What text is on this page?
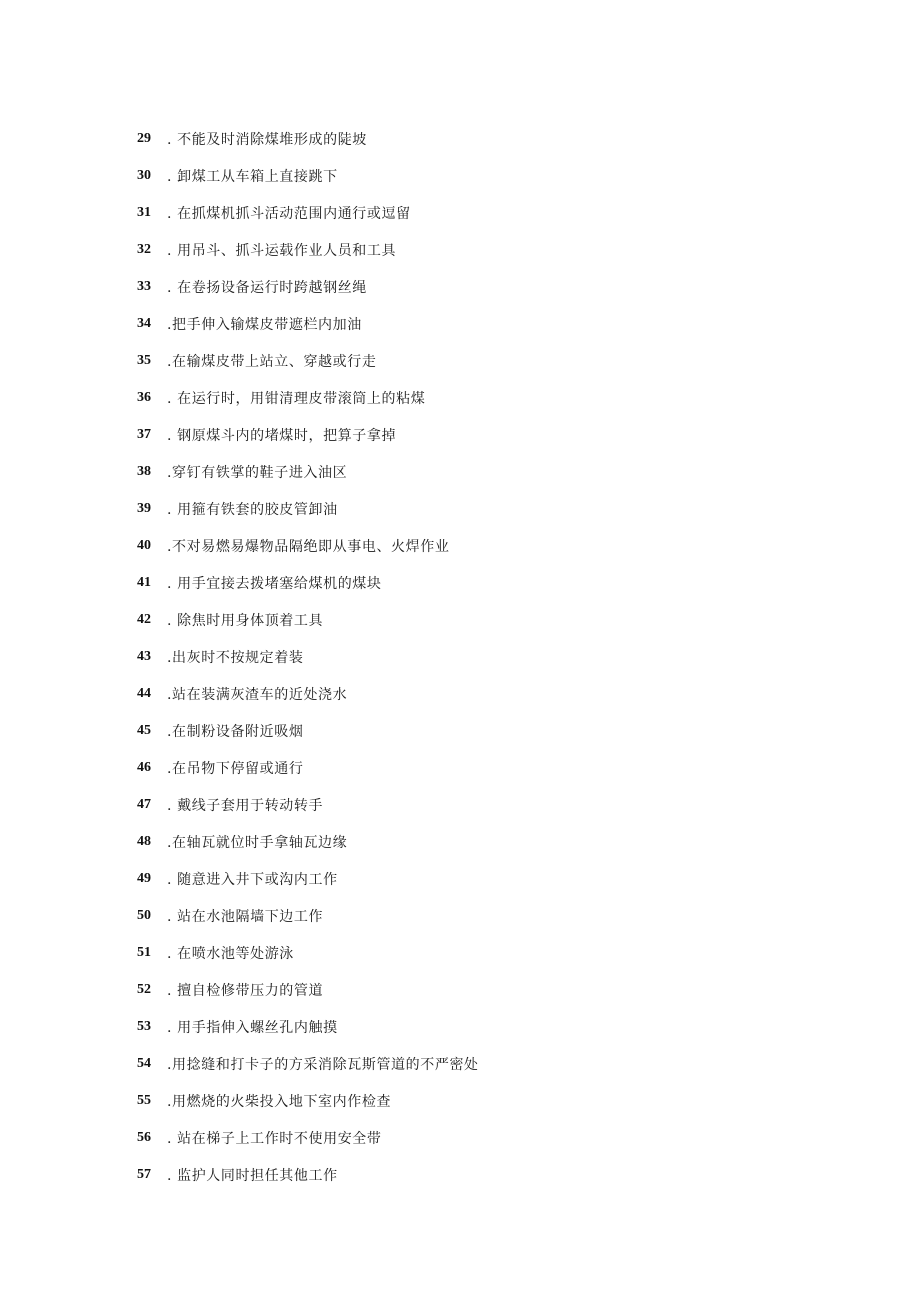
29	. 不能及时消除煤堆形成的陡坡
30	. 卸煤工从车箱上直接跳下
31	. 在抓煤机抓斗活动范围内通行或逗留
32	. 用吊斗、抓斗运载作业人员和工具
33	. 在卷扬设备运行时跨越钢丝绳
34	.把手伸入输煤皮带遮栏内加油
35	.在输煤皮带上站立、穿越或行走
36	. 在运行时，用钳清理皮带滚筒上的粘煤
37	. 钢原煤斗内的堵煤时，把算子拿掉
38	.穿钉有铁掌的鞋子进入油区
39	. 用箍有铁套的胶皮管卸油
40	.不对易燃易爆物品隔绝即从事电、火焊作业
41	. 用手宜接去拨堵塞给煤机的煤块
42	. 除焦时用身体顶着工具
43	.出灰时不按规定着装
44	.站在装满灰渣车的近处浇水
45	.在制粉设备附近吸烟
46	.在吊物下停留或通行
47	. 戴线子套用于转动转手
48	.在轴瓦就位时手拿轴瓦边缘
49	. 随意进入井下或沟内工作
50	. 站在水池隔墙下边工作
51	. 在喷水池等处游泳
52	. 擅自检修带压力的管道
53	. 用手指伸入螺丝孔内触摸
54	.用捻缝和打卡子的方采消除瓦斯管道的不严密处
55	.用燃烧的火柴投入地下室内作检查
56	. 站在梯子上工作时不使用安全带
57	. 监护人同时担任其他工作
